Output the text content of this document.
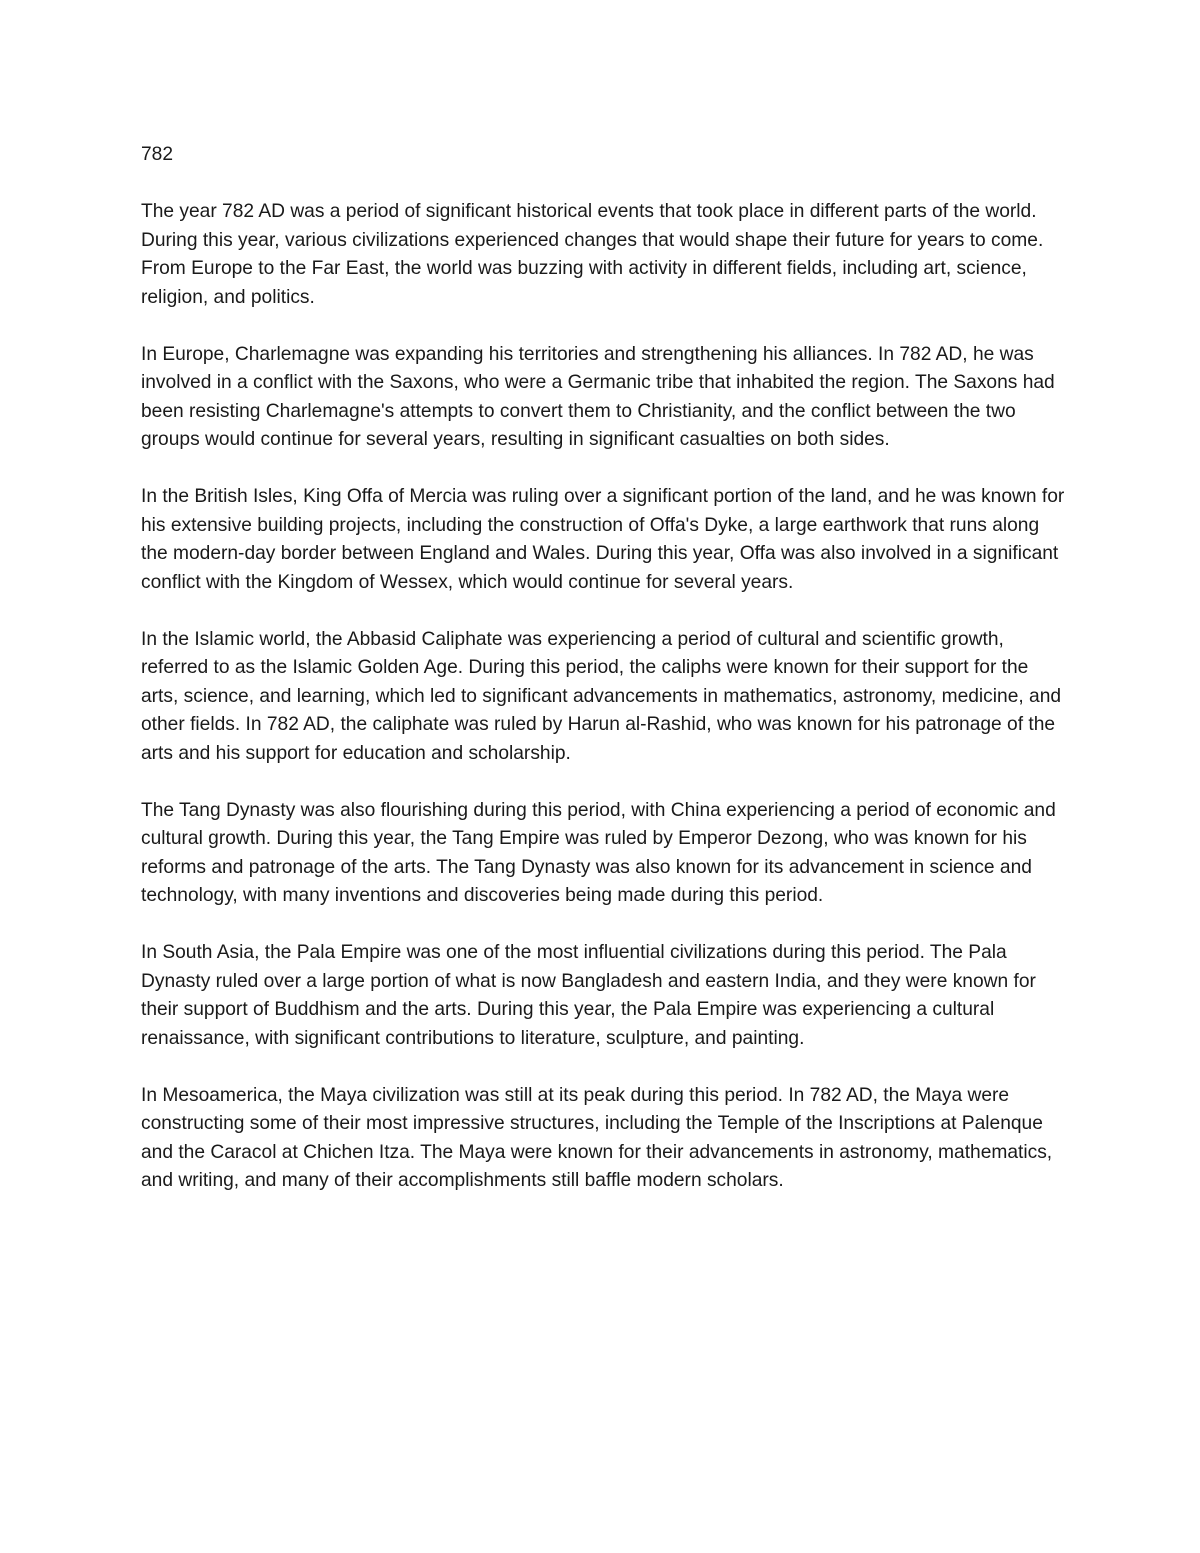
782

The year 782 AD was a period of significant historical events that took place in different parts of the world. During this year, various civilizations experienced changes that would shape their future for years to come. From Europe to the Far East, the world was buzzing with activity in different fields, including art, science, religion, and politics.

In Europe, Charlemagne was expanding his territories and strengthening his alliances. In 782 AD, he was involved in a conflict with the Saxons, who were a Germanic tribe that inhabited the region. The Saxons had been resisting Charlemagne's attempts to convert them to Christianity, and the conflict between the two groups would continue for several years, resulting in significant casualties on both sides.

In the British Isles, King Offa of Mercia was ruling over a significant portion of the land, and he was known for his extensive building projects, including the construction of Offa's Dyke, a large earthwork that runs along the modern-day border between England and Wales. During this year, Offa was also involved in a significant conflict with the Kingdom of Wessex, which would continue for several years.

In the Islamic world, the Abbasid Caliphate was experiencing a period of cultural and scientific growth, referred to as the Islamic Golden Age. During this period, the caliphs were known for their support for the arts, science, and learning, which led to significant advancements in mathematics, astronomy, medicine, and other fields. In 782 AD, the caliphate was ruled by Harun al-Rashid, who was known for his patronage of the arts and his support for education and scholarship.

The Tang Dynasty was also flourishing during this period, with China experiencing a period of economic and cultural growth. During this year, the Tang Empire was ruled by Emperor Dezong, who was known for his reforms and patronage of the arts. The Tang Dynasty was also known for its advancement in science and technology, with many inventions and discoveries being made during this period.

In South Asia, the Pala Empire was one of the most influential civilizations during this period. The Pala Dynasty ruled over a large portion of what is now Bangladesh and eastern India, and they were known for their support of Buddhism and the arts. During this year, the Pala Empire was experiencing a cultural renaissance, with significant contributions to literature, sculpture, and painting.

In Mesoamerica, the Maya civilization was still at its peak during this period. In 782 AD, the Maya were constructing some of their most impressive structures, including the Temple of the Inscriptions at Palenque and the Caracol at Chichen Itza. The Maya were known for their advancements in astronomy, mathematics, and writing, and many of their accomplishments still baffle modern scholars.
